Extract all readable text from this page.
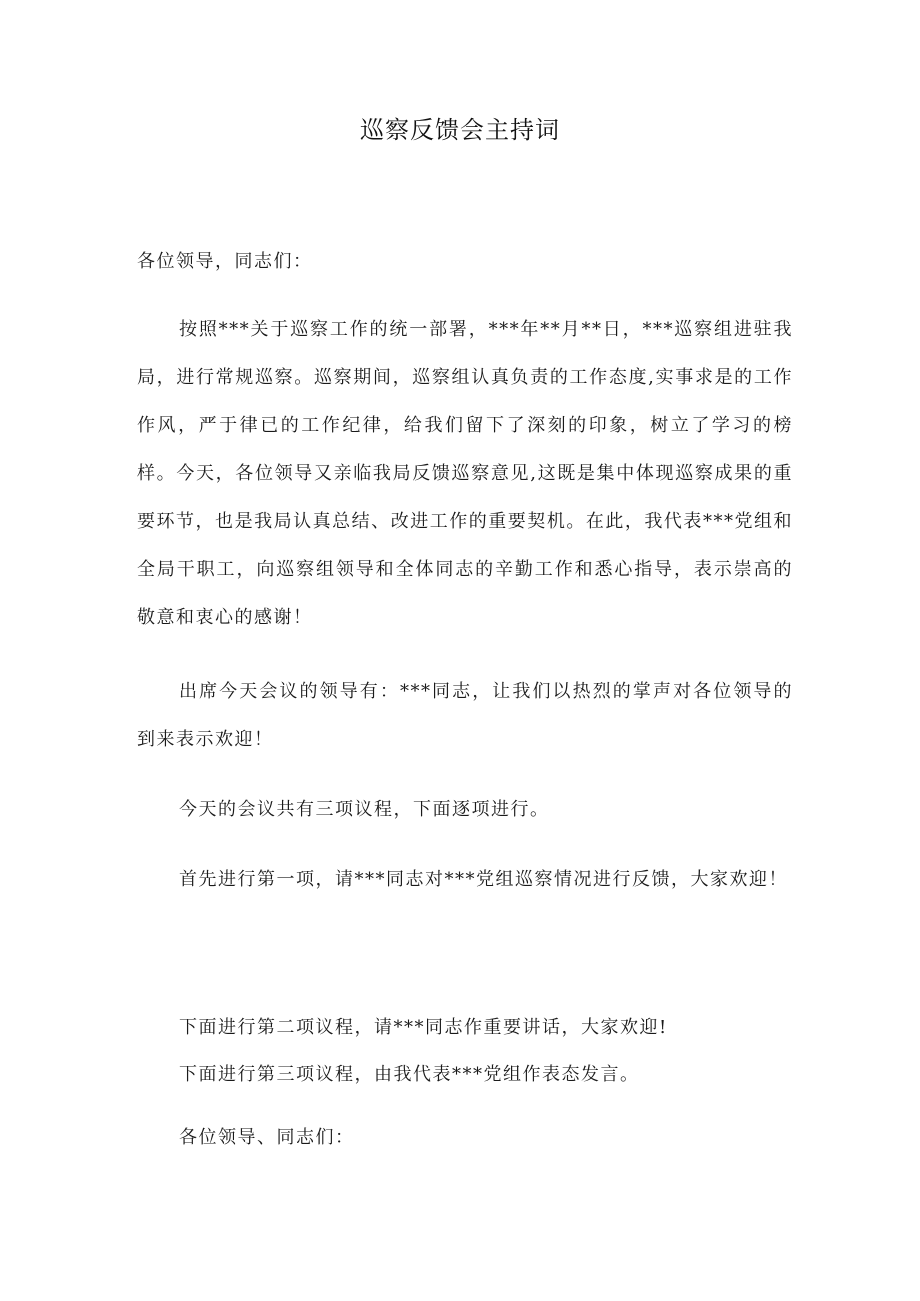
巡察反馈会主持词

各位领导，同志们：

按照***关于巡察工作的统一部署，***年**月**日，***巡察组进驻我局，进行常规巡察。巡察期间，巡察组认真负责的工作态度,实事求是的工作作风，严于律已的工作纪律，给我们留下了深刻的印象，树立了学习的榜样。今天，各位领导又亲临我局反馈巡察意见,这既是集中体现巡察成果的重要环节，也是我局认真总结、改进工作的重要契机。在此，我代表***党组和全局干职工，向巡察组领导和全体同志的辛勤工作和悉心指导，表示崇高的敬意和衷心的感谢！

出席今天会议的领导有：***同志，让我们以热烈的掌声对各位领导的到来表示欢迎！

今天的会议共有三项议程，下面逐项进行。

首先进行第一项，请***同志对***党组巡察情况进行反馈，大家欢迎！

下面进行第二项议程，请***同志作重要讲话，大家欢迎!

下面进行第三项议程，由我代表***党组作表态发言。

各位领导、同志们：
